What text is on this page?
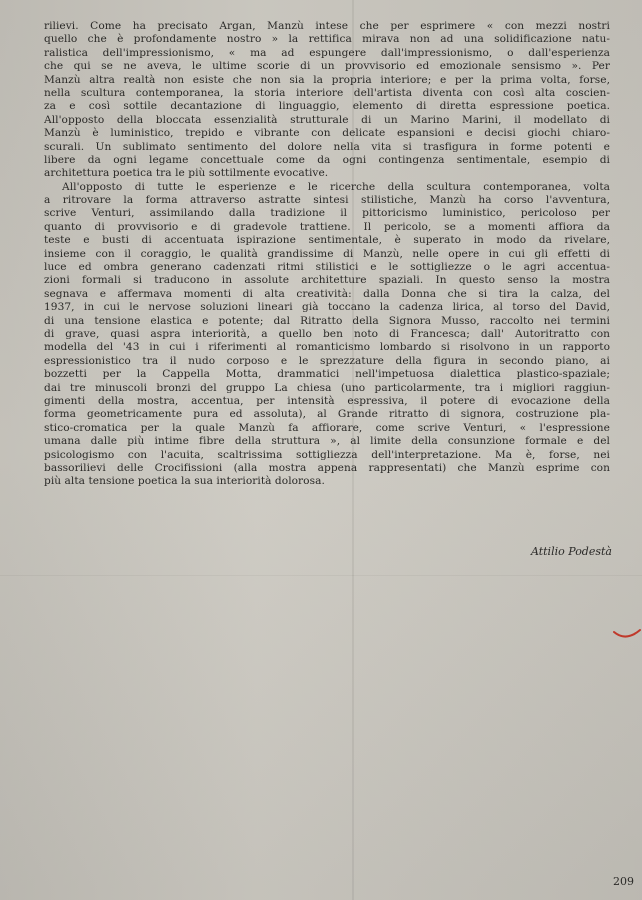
rilievi. Come ha precisato Argan, Manzù intese che per esprimere « con mezzi nostri
quello che è profondamente nostro » la rettifica mirava non ad una solidificazione natu-
ralistica dell'impressionismo, « ma ad espungere dall'impressionismo, o dall'esperienza
che qui se ne aveva, le ultime scorie di un provvisorio ed emozionale sensismo ». Per
Manzù altra realtà non esiste che non sia la propria interiore; e per la prima volta, forse,
nella scultura contemporanea, la storia interiore dell'artista diventa con così alta coscien-
za e così sottile decantazione di linguaggio, elemento di diretta espressione poetica.
All'opposto della bloccata essenzialità strutturale di un Marino Marini, il modellato di
Manzù è luministico, trepido e vibrante con delicate espansioni e decisi giochi chiaro-
scurali. Un sublimato sentimento del dolore nella vita si trasfigura in forme potenti e
libere da ogni legame concettuale come da ogni contingenza sentimentale, esempio di
architettura poetica tra le più sottilmente evocative.
All'opposto di tutte le esperienze e le ricerche della scultura contemporanea, volta
a ritrovare la forma attraverso astratte sintesi stilistiche, Manzù ha corso l'avventura,
scrive Venturi, assimilando dalla tradizione il pittoricismo luministico, pericoloso per
quanto di provvisorio e di gradevole trattiene. Il pericolo, se a momenti affiora da
teste e busti di accentuata ispirazione sentimentale, è superato in modo da rivelare,
insieme con il coraggio, le qualità grandissime di Manzù, nelle opere in cui gli effetti di
luce ed ombra generano cadenzati ritmi stilistici e le sottigliezze o le agri accentua-
zioni formali si traducono in assolute architetture spaziali. In questo senso la mostra
segnava e affermava momenti di alta creatività: dalla Donna che si tira la calza, del
1937, in cui le nervose soluzioni lineari già toccano la cadenza lirica, al torso del David,
di una tensione elastica e potente; dal Ritratto della Signora Musso, raccolto nei termini
di grave, quasi aspra interiorità, a quello ben noto di Francesca; dall' Autoritratto con
modella del '43 in cui i riferimenti al romanticismo lombardo si risolvono in un rapporto
espressionistico tra il nudo corposo e le sprezzature della figura in secondo piano, ai
bozzetti per la Cappella Motta, drammatici nell'impetuosa dialettica plastico-spaziale;
dai tre minuscoli bronzi del gruppo La chiesa (uno particolarmente, tra i migliori raggiun-
gimenti della mostra, accentua, per intensità espressiva, il potere di evocazione della
forma geometricamente pura ed assoluta), al Grande ritratto di signora, costruzione pla-
stico-cromatica per la quale Manzù fa affiorare, come scrive Venturi, « l'espressione
umana dalle più intime fibre della struttura », al limite della consunzione formale e del
psicologismo con l'acuita, scaltrissima sottigliezza dell'interpretazione. Ma è, forse, nei
bassorilievi delle Crocifissioni (alla mostra appena rappresentati) che Manzù esprime con
più alta tensione poetica la sua interiorità dolorosa.
Attilio Podestà
209
